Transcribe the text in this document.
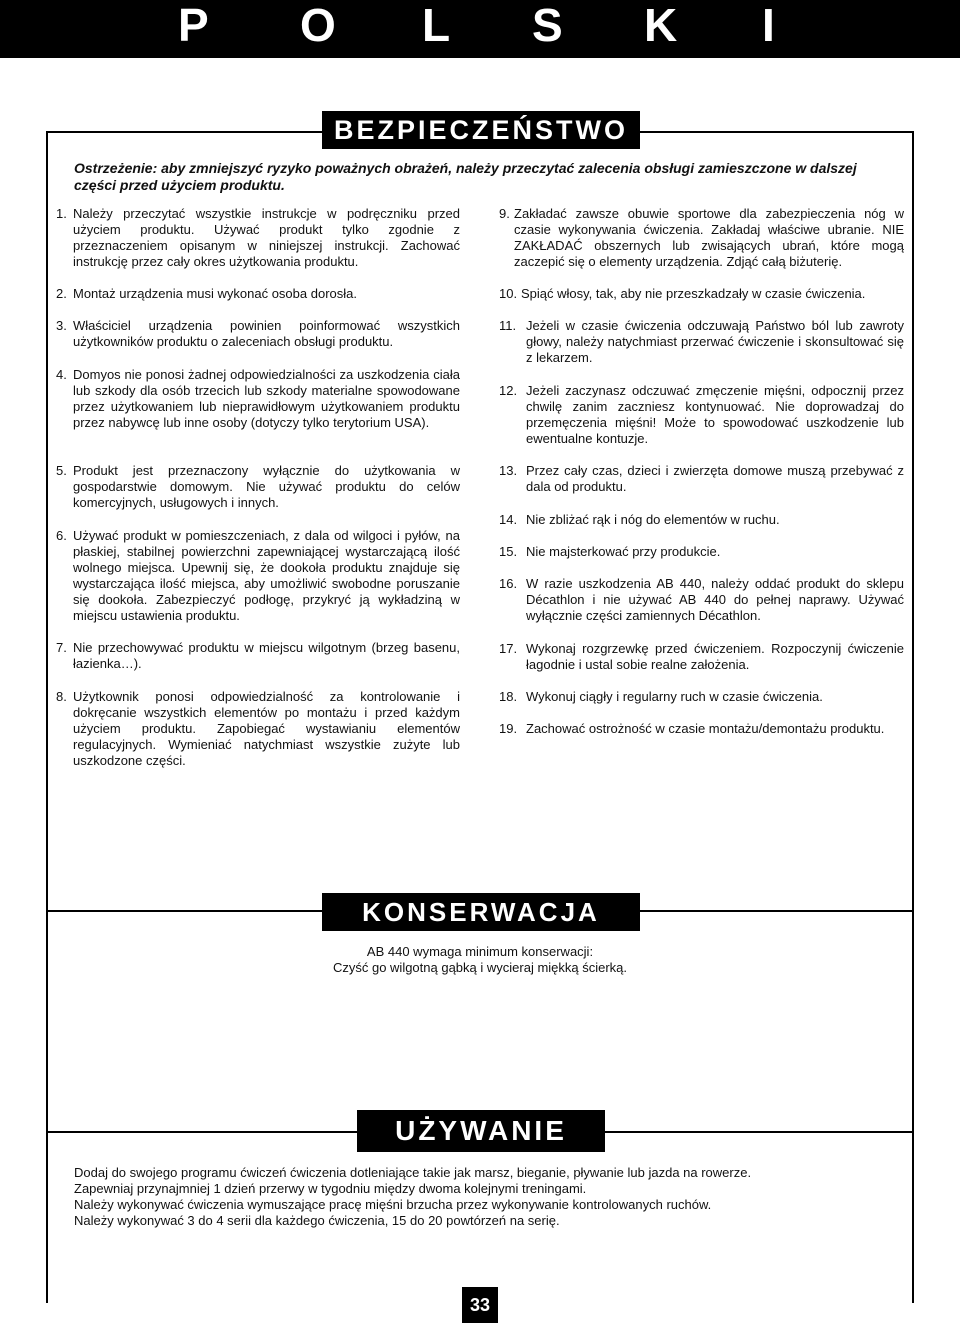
P O L S K I
BEZPIECZEŃSTWO

Ostrzeżenie: aby zmniejszyć ryzyko poważnych obrażeń, należy przeczytać zalecenia obsługi zamieszczone w dalszej części przed użyciem produktu.

1. Należy przeczytać wszystkie instrukcje w podręczniku przed użyciem produktu. Używać produkt tylko zgodnie z przeznaczeniem opisanym w niniejszej instrukcji. Zachować instrukcję przez cały okres użytkowania produktu.
2. Montaż urządzenia musi wykonać osoba dorosła.
3. Właściciel urządzenia powinien poinformować wszystkich użytkowników produktu o zaleceniach obsługi produktu.
4. Domyos nie ponosi żadnej odpowiedzialności za uszkodzenia ciała lub szkody dla osób trzecich lub szkody materialne spowodowane przez użytkowaniem lub nieprawidłowym użytkowaniem produktu przez nabywcę lub inne osoby (dotyczy tylko terytorium USA).
5. Produkt jest przeznaczony wyłącznie do użytkowania w gospodarstwie domowym. Nie używać produktu do celów komercyjnych, usługowych i innych.
6. Używać produkt w pomieszczeniach, z dala od wilgoci i pyłów, na płaskiej, stabilnej powierzchni zapewniającej wystarczającą ilość wolnego miejsca. Upewnij się, że dookoła produktu znajduje się wystarczająca ilość miejsca, aby umożliwić swobodne poruszanie się dookoła. Zabezpieczyć podłogę, przykryć ją wykładziną w miejscu ustawienia produktu.
7. Nie przechowywać produktu w miejscu wilgotnym (brzeg basenu, łazienka…).
8. Użytkownik ponosi odpowiedzialność za kontrolowanie i dokręcanie wszystkich elementów po montażu i przed każdym użyciem produktu. Zapobiegać wystawianiu elementów regulacyjnych. Wymieniać natychmiast wszystkie zużyte lub uszkodzone części.
9. Zakładać zawsze obuwie sportowe dla zabezpieczenia nóg w czasie wykonywania ćwiczenia. Zakładaj właściwe ubranie. NIE ZAKŁADAĆ obszernych lub zwisających ubrań, które mogą zaczepić się o elementy urządzenia. Zdjąć całą biżuterię.
10. Spiąć włosy, tak, aby nie przeszkadzały w czasie ćwiczenia.
11. Jeżeli w czasie ćwiczenia odczuwają Państwo ból lub zawroty głowy, należy natychmiast przerwać ćwiczenie i skonsultować się z lekarzem.
12. Jeżeli zaczynasz odczuwać zmęczenie mięśni, odpocznij przez chwilę zanim zaczniesz kontynuować. Nie doprowadzaj do przemęczenia mięśni! Może to spowodować uszkodzenie lub ewentualne kontuzje.
13. Przez cały czas, dzieci i zwierzęta domowe muszą przebywać z dala od produktu.
14. Nie zbliżać rąk i nóg do elementów w ruchu.
15. Nie majsterkować przy produkcie.
16. W razie uszkodzenia AB 440, należy oddać produkt do sklepu Décathlon i nie używać AB 440 do pełnej naprawy. Używać wyłącznie części zamiennych Décathlon.
17. Wykonaj rozgrzewkę przed ćwiczeniem. Rozpoczynij ćwiczenie łagodnie i ustal sobie realne założenia.
18. Wykonuj ciągły i regularny ruch w czasie ćwiczenia.
19. Zachować ostrożność w czasie montażu/demontażu produktu.
KONSERWACJA
AB 440 wymaga minimum konserwacji:
Czyść go wilgotną gąbką i wycieraj miękką ścierką.
UŻYWANIE

Dodaj do swojego programu ćwiczeń ćwiczenia dotleniające takie jak marsz, bieganie, pływanie lub jazda na rowerze.

Zapewniaj przynajmniej 1 dzień przerwy w tygodniu między dwoma kolejnymi treningami.

Należy wykonywać ćwiczenia wymuszające pracę mięśni brzucha przez wykonywanie kontrolowanych ruchów.

Należy wykonywać 3 do 4 serii dla każdego ćwiczenia, 15 do 20 powtórzeń na serię.

33
